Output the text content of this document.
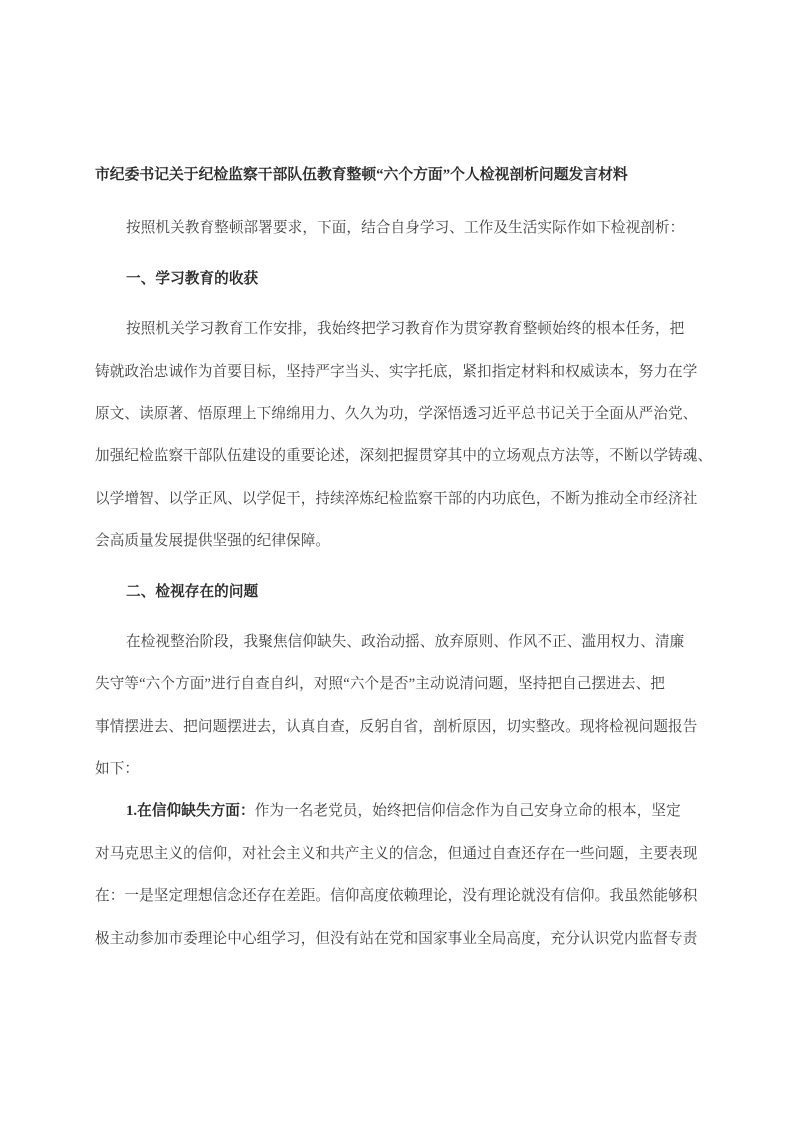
市纪委书记关于纪检监察干部队伍教育整顿“六个方面”个人检视剖析问题发言材料
按照机关教育整顿部署要求，下面，结合自身学习、工作及生活实际作如下检视剖析：
一、学习教育的收获
按照机关学习教育工作安排，我始终把学习教育作为贯穿教育整顿始终的根本任务，把
铸就政治忠诚作为首要目标，坚持严字当头、实字托底，紧扣指定材料和权威读本，努力在学
原文、读原著、悟原理上下绵绵用力、久久为功，学深悟透习近平总书记关于全面从严治党、
加强纪检监察干部队伍建设的重要论述，深刻把握贯穿其中的立场观点方法等，不断以学铸魂、
以学增智、以学正风、以学促干，持续淬炼纪检监察干部的内功底色，不断为推动全市经济社
会高质量发展提供坚强的纪律保障。
二、检视存在的问题
在检视整治阶段，我聚焦信仰缺失、政治动摇、放弃原则、作风不正、滥用权力、清廉
失守等“六个方面”进行自查自纠，对照“六个是否”主动说清问题，坚持把自己摆进去、把
事情摆进去、把问题摆进去，认真自查，反躬自省，剖析原因，切实整改。现将检视问题报告
如下：
1.在信仰缺失方面：作为一名老党员，始终把信仰信念作为自己安身立命的根本，坚定
对马克思主义的信仰，对社会主义和共产主义的信念，但通过自查还存在一些问题，主要表现
在：一是坚定理想信念还存在差距。信仰高度依赖理论，没有理论就没有信仰。我虽然能够积
极主动参加市委理论中心组学习，但没有站在党和国家事业全局高度，充分认识党内监督专责
